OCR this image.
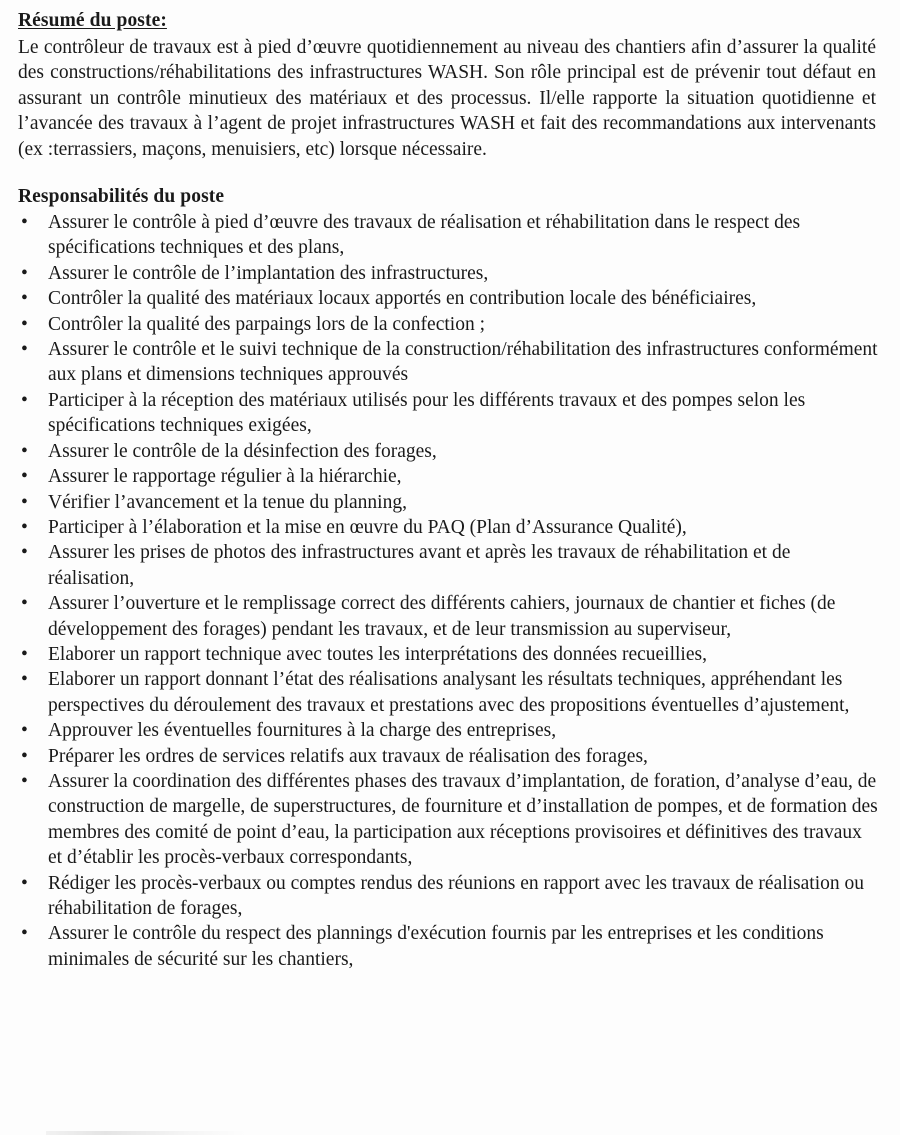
Résumé du poste:

Le contrôleur de travaux est à pied d’œuvre quotidiennement au niveau des chantiers afin d’assurer la qualité des constructions/réhabilitations des infrastructures WASH. Son rôle principal est de prévenir tout défaut en assurant un contrôle minutieux des matériaux et des processus. Il/elle rapporte la situation quotidienne et l’avancée des travaux à l’agent de projet infrastructures WASH et fait des recommandations aux intervenants (ex :terrassiers, maçons, menuisiers, etc) lorsque nécessaire.

Responsabilités du poste
•	Assurer le contrôle à pied d’œuvre des travaux de réalisation et réhabilitation dans le respect des spécifications techniques et des plans,
•	Assurer le contrôle de l’implantation des infrastructures,
•	Contrôler la qualité des matériaux locaux apportés en contribution locale des bénéficiaires,
•	Contrôler la qualité des parpaings lors de la confection ;
•	Assurer le contrôle et le suivi technique de la construction/réhabilitation des infrastructures conformément aux plans et dimensions techniques approuvés
•	Participer à la réception des matériaux utilisés pour les différents travaux et des pompes selon les spécifications techniques exigées,
•	Assurer le contrôle de la désinfection des forages,
•	Assurer le rapportage régulier à la hiérarchie,
•	Vérifier l’avancement et la tenue du planning,
•	Participer à l’élaboration et la mise en œuvre du PAQ (Plan d’Assurance Qualité),
•	Assurer les prises de photos des infrastructures avant et après les travaux de réhabilitation et de réalisation,
•	Assurer l’ouverture et le remplissage correct des différents cahiers, journaux de chantier et fiches (de développement des forages) pendant les travaux, et de leur transmission au superviseur,
•	Elaborer un rapport technique avec toutes les interprétations des données recueillies,
•	Elaborer un rapport donnant l’état des réalisations analysant les résultats techniques, appréhendant les perspectives du déroulement des travaux et prestations avec des propositions éventuelles d’ajustement,
•	Approuver les éventuelles fournitures à la charge des entreprises,
•	Préparer les ordres de services relatifs aux travaux de réalisation des forages,
•	Assurer la coordination des différentes phases des travaux d’implantation, de foration, d’analyse d’eau, de construction de margelle, de superstructures, de fourniture et d’installation de pompes, et de formation des membres des comité de point d’eau, la participation aux réceptions provisoires et définitives des travaux et d’établir les procès-verbaux correspondants,
•	Rédiger les procès-verbaux ou comptes rendus des réunions en rapport avec les travaux de réalisation ou réhabilitation de forages,
•	Assurer le contrôle du respect des plannings d'exécution fournis par les entreprises et les conditions minimales de sécurité sur les chantiers,
